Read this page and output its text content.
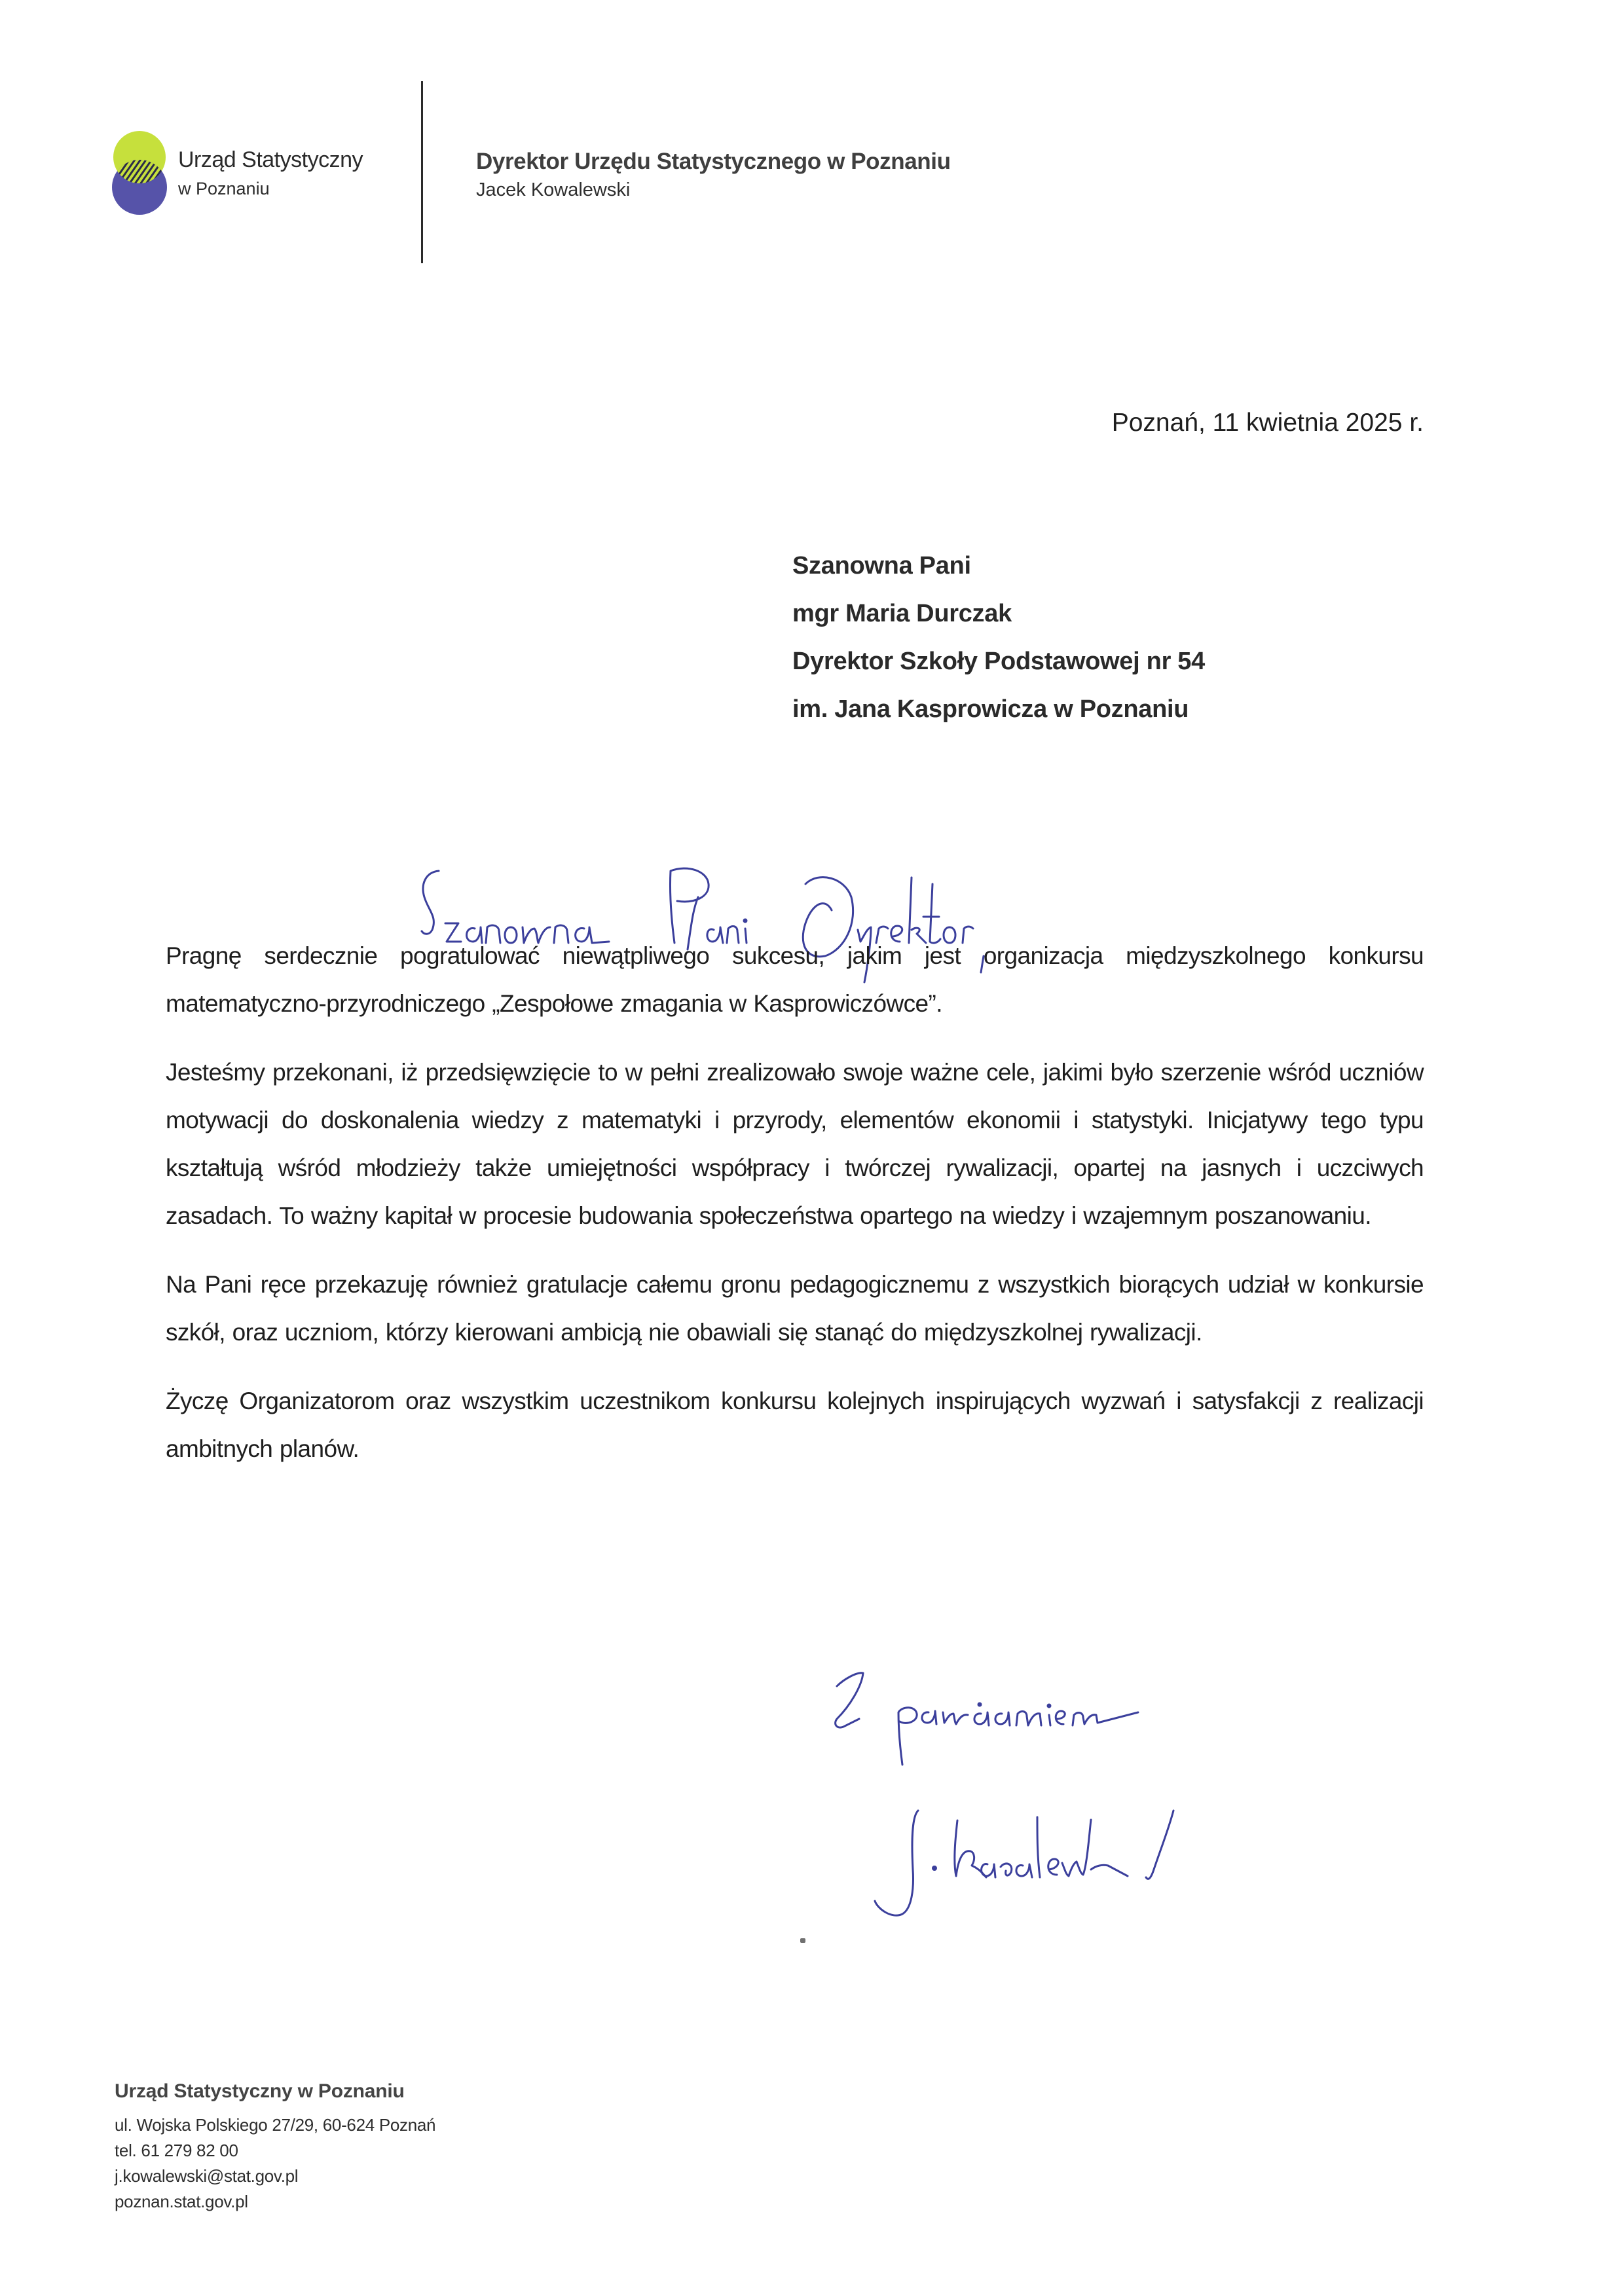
Urząd Statystyczny
w Poznaniu
Dyrektor Urzędu Statystycznego w Poznaniu
Jacek Kowalewski
Poznań, 11 kwietnia 2025 r.
Szanowna Pani
mgr Maria Durczak
Dyrektor Szkoły Podstawowej nr 54
im. Jana Kasprowicza w Poznaniu

Pragnę serdecznie pogratulować niewątpliwego sukcesu, jakim jest organizacja międzyszkolnego konkursu matematyczno-przyrodniczego „Zespołowe zmagania w Kasprowiczówce”.

Jesteśmy przekonani, iż przedsięwzięcie to w pełni zrealizowało swoje ważne cele, jakimi było szerzenie wśród uczniów motywacji do doskonalenia wiedzy z matematyki i przyrody, elementów ekonomii i statystyki. Inicjatywy tego typu kształtują wśród młodzieży także umiejętności współpracy i twórczej rywalizacji, opartej na jasnych i uczciwych zasadach. To ważny kapitał w procesie budowania społeczeństwa opartego na wiedzy i wzajemnym poszanowaniu.

Na Pani ręce przekazuję również gratulacje całemu gronu pedagogicznemu z wszystkich biorących udział w konkursie szkół, oraz uczniom, którzy kierowani ambicją nie obawiali się stanąć do międzyszkolnej rywalizacji.

Życzę Organizatorom oraz wszystkim uczestnikom konkursu kolejnych inspirujących wyzwań i satysfakcji z realizacji ambitnych planów.

Urząd Statystyczny w Poznaniu
ul. Wojska Polskiego 27/29, 60-624 Poznań
tel. 61 279 82 00
j.kowalewski@stat.gov.pl
poznan.stat.gov.pl
